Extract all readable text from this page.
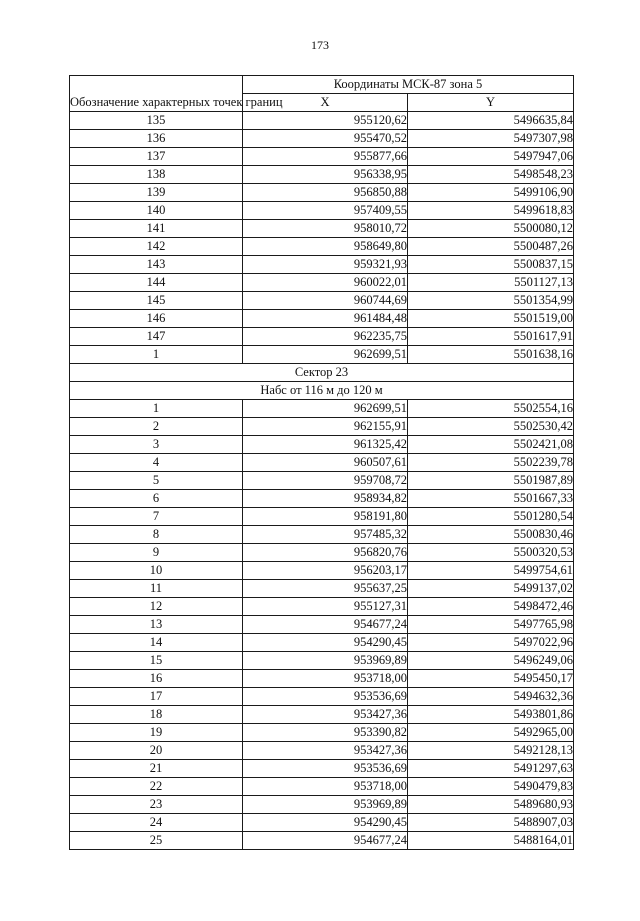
173
Обозначение характерных точек границ	Координаты МСК-87 зона 5	
	X	Y
135	955120,62	5496635,84
136	955470,52	5497307,98
137	955877,66	5497947,06
138	956338,95	5498548,23
139	956850,88	5499106,90
140	957409,55	5499618,83
141	958010,72	5500080,12
142	958649,80	5500487,26
143	959321,93	5500837,15
144	960022,01	5501127,13
145	960744,69	5501354,99
146	961484,48	5501519,00
147	962235,75	5501617,91
1	962699,51	5501638,16
Сектор 23		
Набс от 116 м до 120 м		
1	962699,51	5502554,16
2	962155,91	5502530,42
3	961325,42	5502421,08
4	960507,61	5502239,78
5	959708,72	5501987,89
6	958934,82	5501667,33
7	958191,80	5501280,54
8	957485,32	5500830,46
9	956820,76	5500320,53
10	956203,17	5499754,61
11	955637,25	5499137,02
12	955127,31	5498472,46
13	954677,24	5497765,98
14	954290,45	5497022,96
15	953969,89	5496249,06
16	953718,00	5495450,17
17	953536,69	5494632,36
18	953427,36	5493801,86
19	953390,82	5492965,00
20	953427,36	5492128,13
21	953536,69	5491297,63
22	953718,00	5490479,83
23	953969,89	5489680,93
24	954290,45	5488907,03
25	954677,24	5488164,01
